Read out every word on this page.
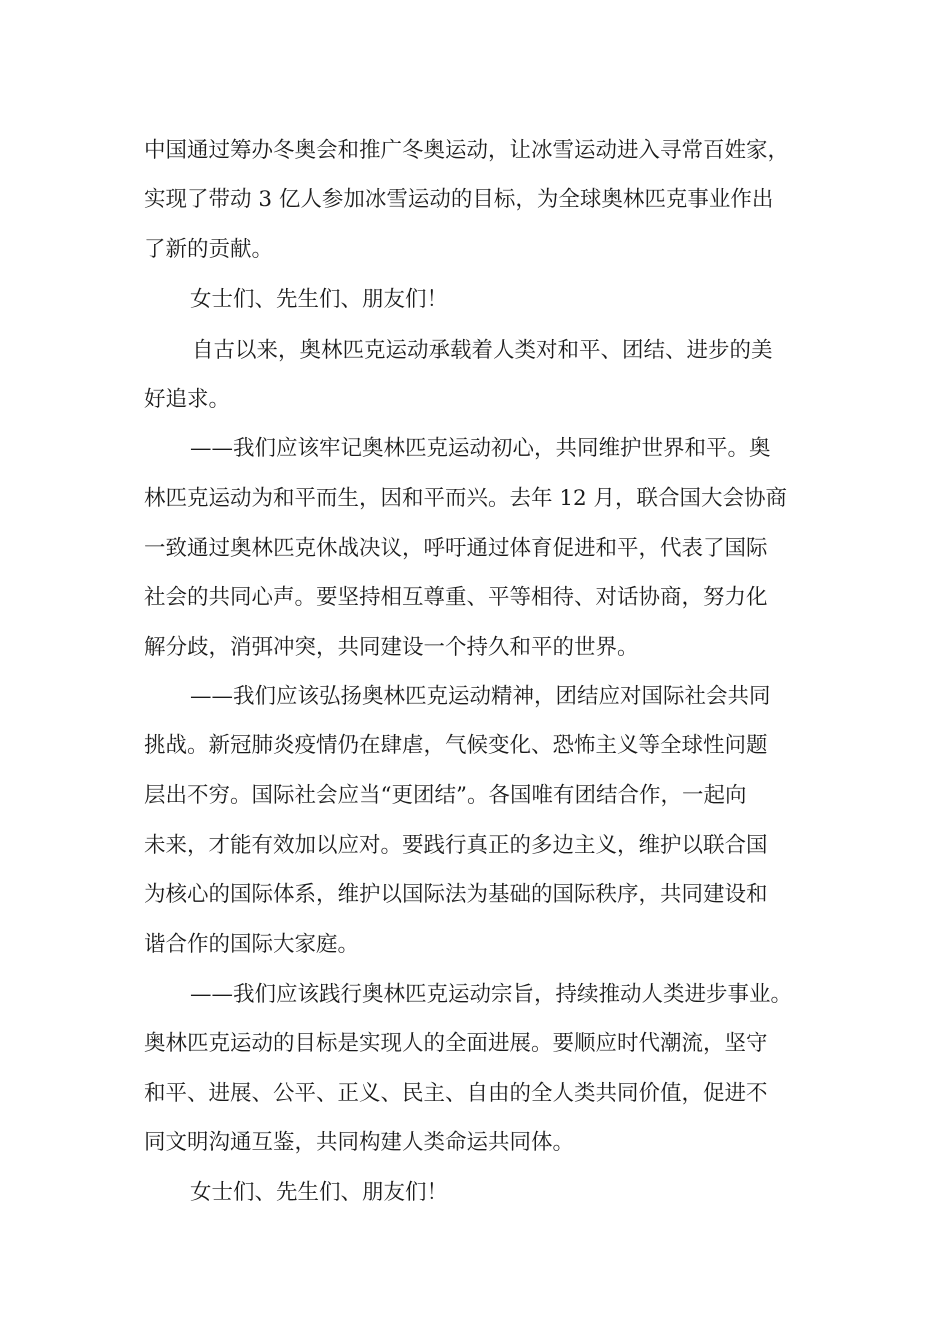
中国通过筹办冬奥会和推广冬奥运动，让冰雪运动进入寻常百姓家，
实现了带动 3 亿人参加冰雪运动的目标，为全球奥林匹克事业作出
了新的贡献。
女士们、先生们、朋友们！
自古以来，奥林匹克运动承载着人类对和平、团结、进步的美
好追求。
——我们应该牢记奥林匹克运动初心，共同维护世界和平。奥
林匹克运动为和平而生，因和平而兴。去年 12 月，联合国大会协商
一致通过奥林匹克休战决议，呼吁通过体育促进和平，代表了国际
社会的共同心声。要坚持相互尊重、平等相待、对话协商，努力化
解分歧，消弭冲突，共同建设一个持久和平的世界。
——我们应该弘扬奥林匹克运动精神，团结应对国际社会共同
挑战。新冠肺炎疫情仍在肆虐，气候变化、恐怖主义等全球性问题
层出不穷。国际社会应当“更团结”。各国唯有团结合作，一起向
未来，才能有效加以应对。要践行真正的多边主义，维护以联合国
为核心的国际体系，维护以国际法为基础的国际秩序，共同建设和
谐合作的国际大家庭。
——我们应该践行奥林匹克运动宗旨，持续推动人类进步事业。
奥林匹克运动的目标是实现人的全面进展。要顺应时代潮流，坚守
和平、进展、公平、正义、民主、自由的全人类共同价值，促进不
同文明沟通互鉴，共同构建人类命运共同体。
女士们、先生们、朋友们！
